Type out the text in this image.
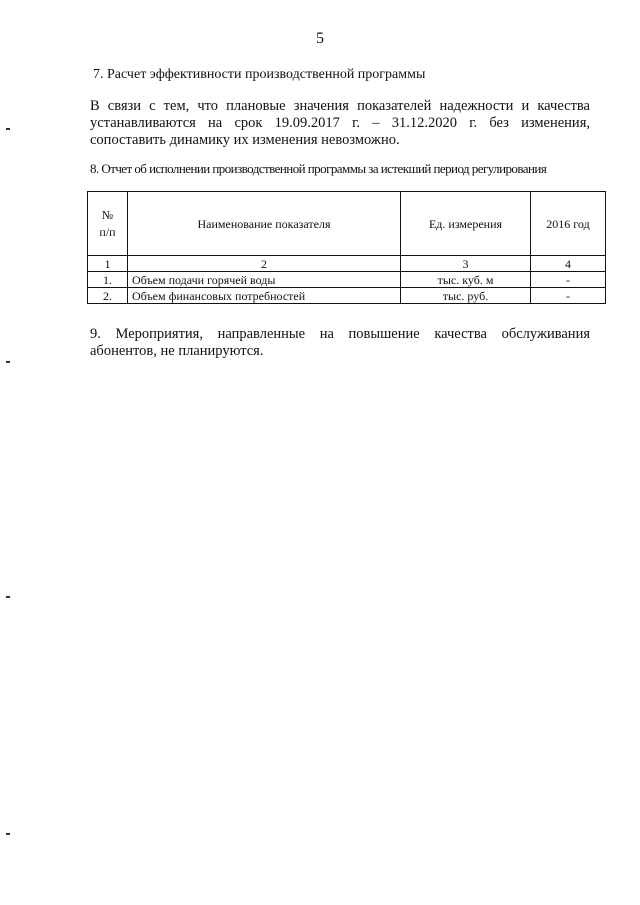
5
7. Расчет эффективности производственной программы
В связи с тем, что плановые значения показателей надежности и качества устанавливаются на срок 19.09.2017 г. – 31.12.2020 г. без изменения, сопоставить динамику их изменения невозможно.
8. Отчет об исполнении производственной программы за истекший период регулирования
№
п/п	Наименование показателя	Ед. измерения	2016 год
1	2	3	4
1.	Объем подачи горячей воды	тыс. куб. м	-
2.	Объем финансовых потребностей	тыс. руб.	-
9. Мероприятия, направленные на повышение качества обслуживания абонентов, не планируются.
